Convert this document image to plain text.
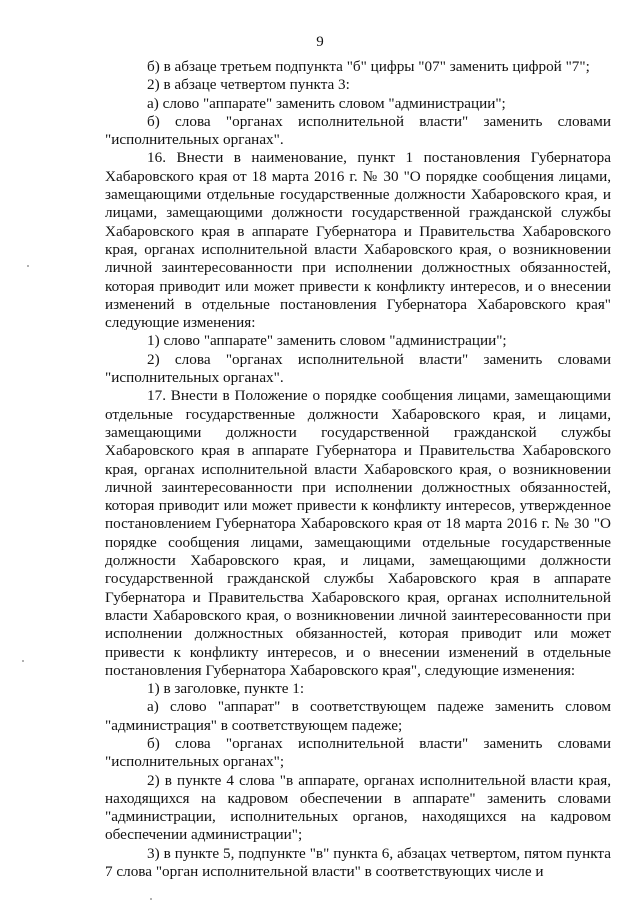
9

б) в абзаце третьем подпункта "б" цифры "07" заменить цифрой "7";

2) в абзаце четвертом пункта 3:

а) слово "аппарате" заменить словом "администрации";

б) слова "органах исполнительной власти" заменить словами "исполнительных органах".

16. Внести в наименование, пункт 1 постановления Губернатора Хабаровского края от 18 марта 2016 г. № 30 "О порядке сообщения лицами, замещающими отдельные государственные должности Хабаровского края, и лицами, замещающими должности государственной гражданской службы Хабаровского края в аппарате Губернатора и Правительства Хабаровского края, органах исполнительной власти Хабаровского края, о возникновении личной заинтересованности при исполнении должностных обязанностей, которая приводит или может привести к конфликту интересов, и о внесении изменений в отдельные постановления Губернатора Хабаровского края" следующие изменения:

1) слово "аппарате" заменить словом "администрации";

2) слова "органах исполнительной власти" заменить словами "исполнительных органах".

17. Внести в Положение о порядке сообщения лицами, замещающими отдельные государственные должности Хабаровского края, и лицами, замещающими должности государственной гражданской службы Хабаровского края в аппарате Губернатора и Правительства Хабаровского края, органах исполнительной власти Хабаровского края, о возникновении личной заинтересованности при исполнении должностных обязанностей, которая приводит или может привести к конфликту интересов, утвержденное постановлением Губернатора Хабаровского края от 18 марта 2016 г. № 30 "О порядке сообщения лицами, замещающими отдельные государственные должности Хабаровского края, и лицами, замещающими должности государственной гражданской службы Хабаровского края в аппарате Губернатора и Правительства Хабаровского края, органах исполнительной власти Хабаровского края, о возникновении личной заинтересованности при исполнении должностных обязанностей, которая приводит или может привести к конфликту интересов, и о внесении изменений в отдельные постановления Губернатора Хабаровского края", следующие изменения:

1) в заголовке, пункте 1:

а) слово "аппарат" в соответствующем падеже заменить словом "администрация" в соответствующем падеже;

б) слова "органах исполнительной власти" заменить словами "исполнительных органах";

2) в пункте 4 слова "в аппарате, органах исполнительной власти края, находящихся на кадровом обеспечении в аппарате" заменить словами "администрации, исполнительных органов, находящихся на кадровом обеспечении администрации";

3) в пункте 5, подпункте "в" пункта 6, абзацах четвертом, пятом пункта 7 слова "орган исполнительной власти" в соответствующих числе и
